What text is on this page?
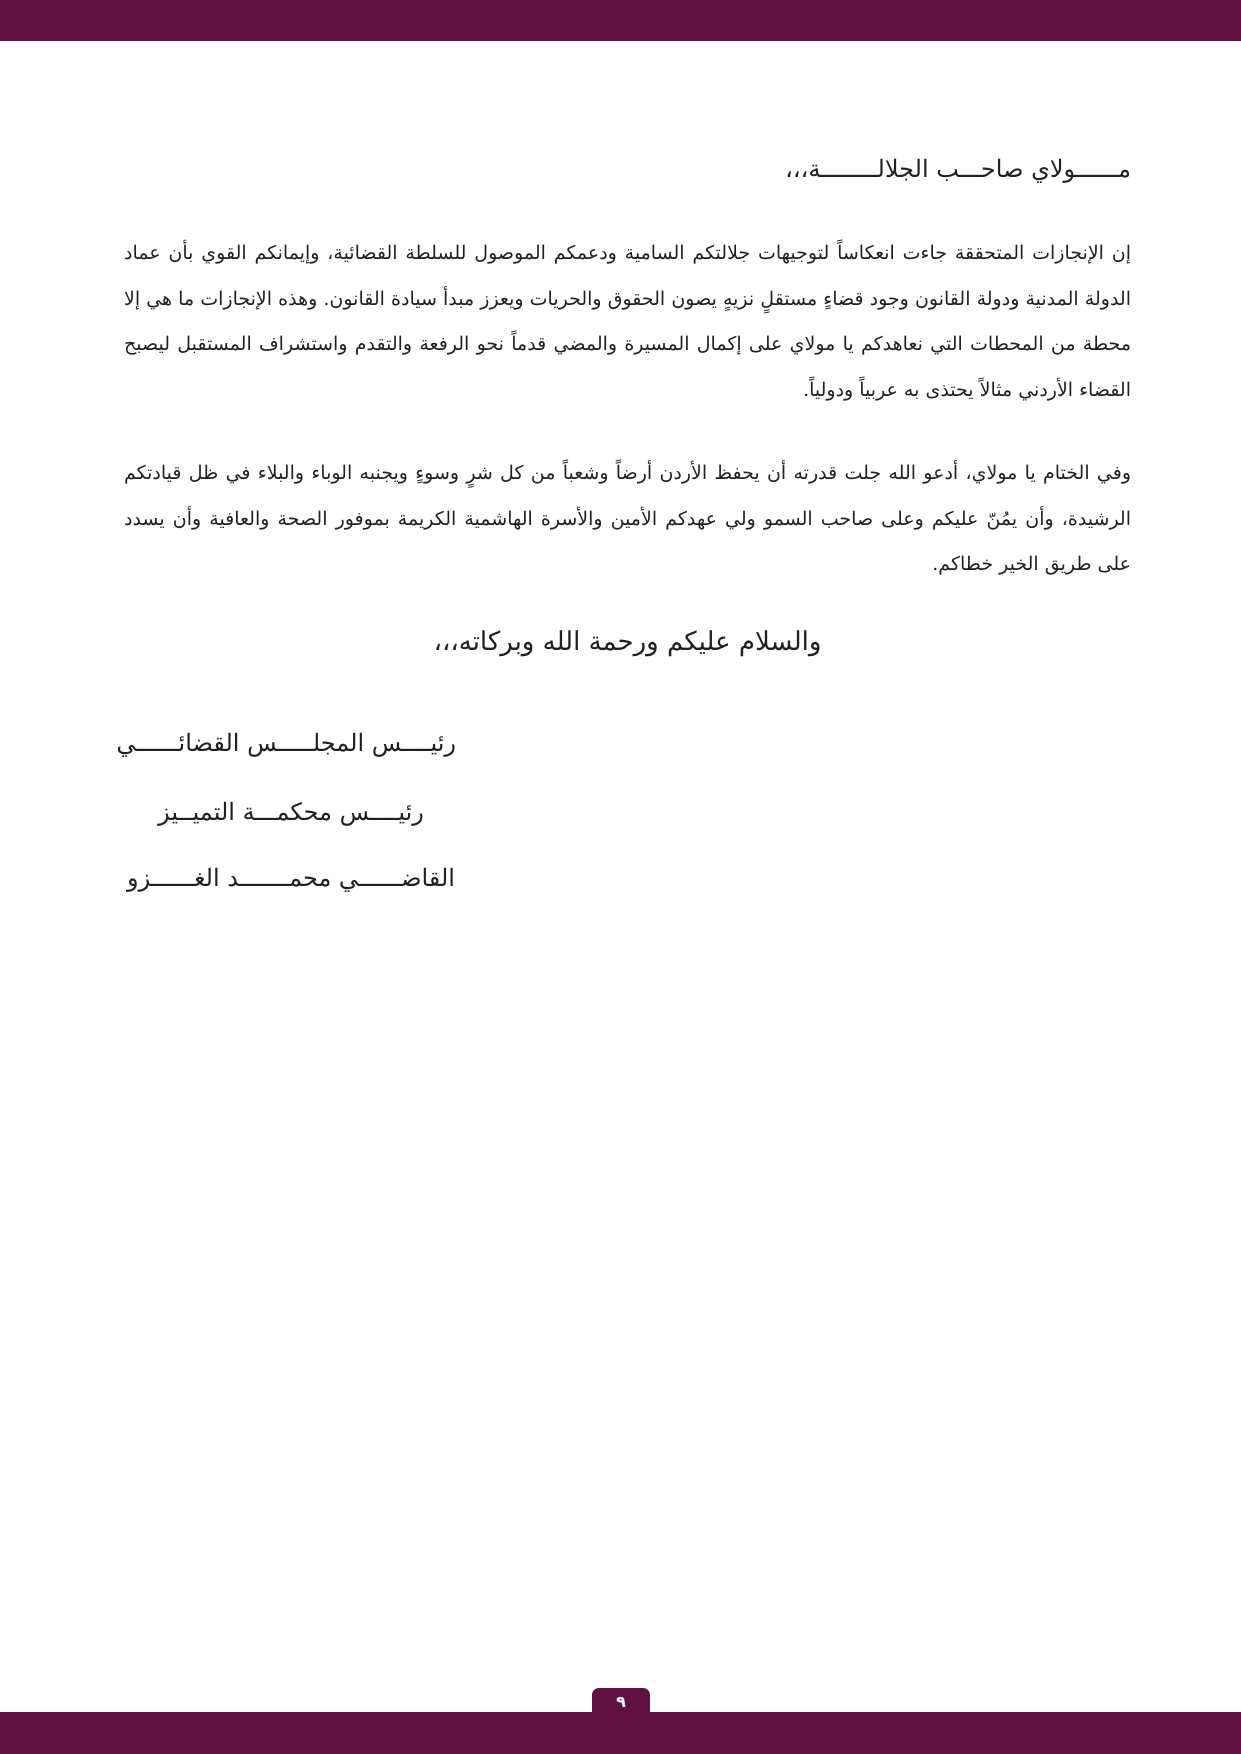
مــــــولاي صاحـــب الجلالــــــــة،،،

إن الإنجازات المتحققة جاءت انعكاساً لتوجيهات جلالتكم السامية ودعمكم الموصول للسلطة القضائية، وإيمانكم القوي بأن عماد الدولة المدنية ودولة القانون وجود قضاءٍ مستقلٍ نزيهٍ يصون الحقوق والحريات ويعزز مبدأ سيادة القانون. وهذه الإنجازات ما هي إلا محطة من المحطات التي نعاهدكم يا مولاي على إكمال المسيرة والمضي قدماً نحو الرفعة والتقدم واستشراف المستقبل ليصبح القضاء الأردني مثالاً يحتذى به عربياً ودولياً.

وفي الختام يا مولاي، أدعو الله جلت قدرته أن يحفظ الأردن أرضاً وشعباً من كل شرٍ وسوءٍ ويجنبه الوباء والبلاء في ظل قيادتكم الرشيدة، وأن يمُنّ عليكم وعلى صاحب السمو ولي عهدكم الأمين والأسرة الهاشمية الكريمة بموفور الصحة والعافية وأن يسدد على طريق الخير خطاكم.

والسلام عليكم ورحمة الله وبركاته،،،
رئيــــس المجلـــــس القضائــــــي
رئيــــس محكمـــة التميــيز
القاضــــــي محمـــــــد الغــــــزو
٩
